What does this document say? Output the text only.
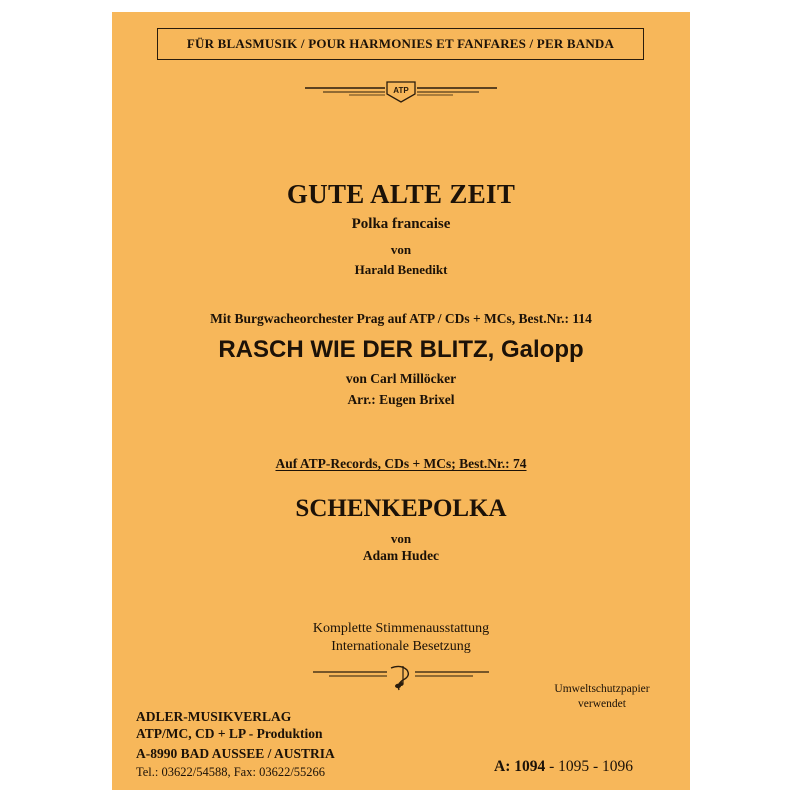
FÜR BLASMUSIK / POUR HARMONIES ET FANFARES / PER BANDA
ATP
GUTE ALTE ZEIT
Polka francaise
von
Harald Benedikt
Mit Burgwacheorchester Prag auf ATP / CDs + MCs, Best.Nr.: 114
RASCH WIE DER BLITZ, Galopp
von Carl Millöcker
Arr.: Eugen Brixel
Auf ATP-Records, CDs + MCs; Best.Nr.: 74
SCHENKEPOLKA
von
Adam Hudec
Komplette Stimmenausstattung
Internationale Besetzung
Umweltschutzpapier
verwendet
ADLER-MUSIKVERLAG
ATP/MC, CD + LP - Produktion
A-8990 BAD AUSSEE / AUSTRIA
Tel.: 03622/54588, Fax: 03622/55266	A: 1094 - 1095 - 1096
